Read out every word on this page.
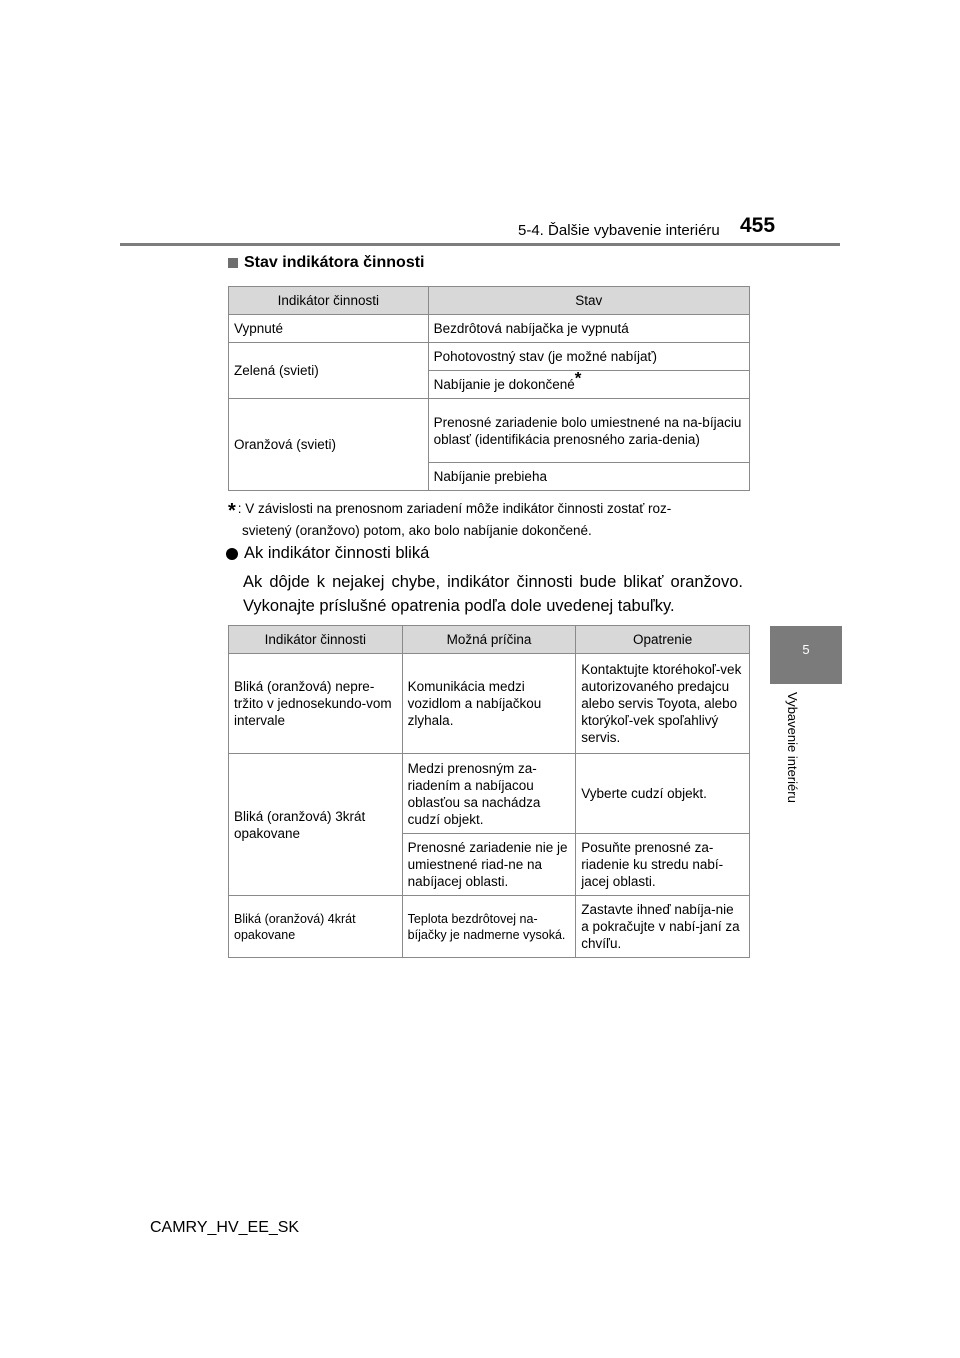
5-4. Ďalšie vybavenie interiéru 455
5
Vybavenie interiéru
Stav indikátora činnosti
Indikátor činnosti	Stav
Vypnuté	Bezdrôtová nabíjačka je vypnutá
Zelená (svieti)	Pohotovostný stav (je možné nabíjať)
	Nabíjanie je dokončené*
Oranžová (svieti)	Prenosné zariadenie bolo umiestnené na na-bíjaciu oblasť (identifikácia prenosného zaria-denia)
	Nabíjanie prebieha
* : V závislosti na prenosnom zariadení môže indikátor činnosti zostať roz-
svietený (oranžovo) potom, ako bolo nabíjanie dokončené.
Ak indikátor činnosti bliká
Ak dôjde k nejakej chybe, indikátor činnosti bude blikať oranžovo. Vykonajte príslušné opatrenia podľa dole uvedenej tabuľky.
Indikátor činnosti	Možná príčina	Opatrenie
Bliká (oranžová) nepre-tržito v jednosekundo-vom intervale	Komunikácia medzi vozidlom a nabíjačkou zlyhala.	Kontaktujte ktoréhokoľ-vek autorizovaného predajcu alebo servis Toyota, alebo ktorýkoľ-vek spoľahlivý servis.
Bliká (oranžová) 3krát opakovane	Medzi prenosným za-riadením a nabíjacou oblasťou sa nachádza cudzí objekt.	Vyberte cudzí objekt.
	Prenosné zariadenie nie je umiestnené riad-ne na nabíjacej oblasti.	Posuňte prenosné za-riadenie ku stredu nabí-jacej oblasti.
Bliká (oranžová) 4krát opakovane	Teplota bezdrôtovej na-bíjačky je nadmerne vysoká.	Zastavte ihneď nabíja-nie a pokračujte v nabí-janí za chvíľu.
CAMRY_HV_EE_SK
